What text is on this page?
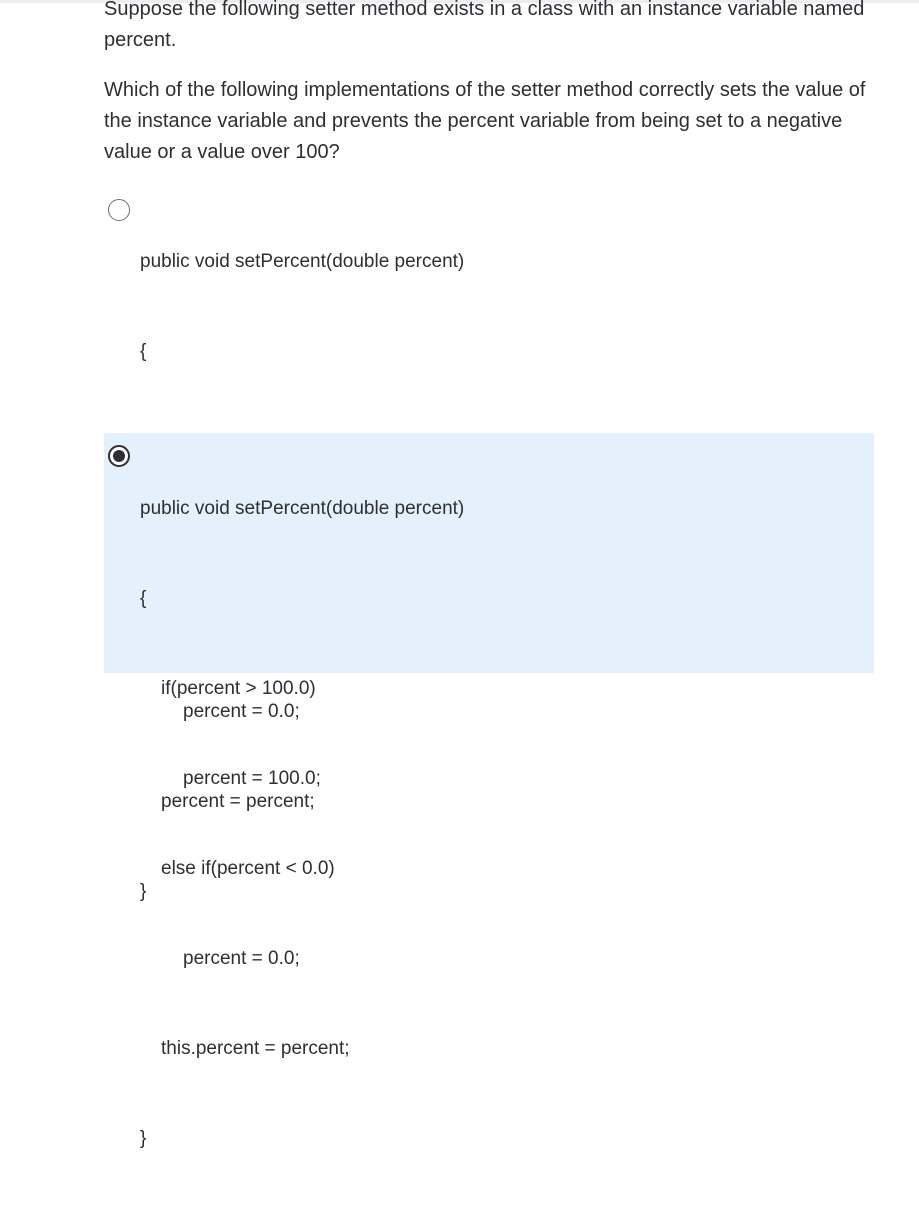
Suppose the following setter method exists in a class with an instance variable named percent.

Which of the following implementations of the setter method correctly sets the value of the instance variable and prevents the percent variable from being set to a negative value or a value over 100?

public void setPercent(double percent)

{

percent = 0.0;

percent = percent;

}

public void setPercent(double percent)

{

if(percent > 100.0)

percent = 100.0;

else if(percent < 0.0)

percent = 0.0;

this.percent = percent;

}
